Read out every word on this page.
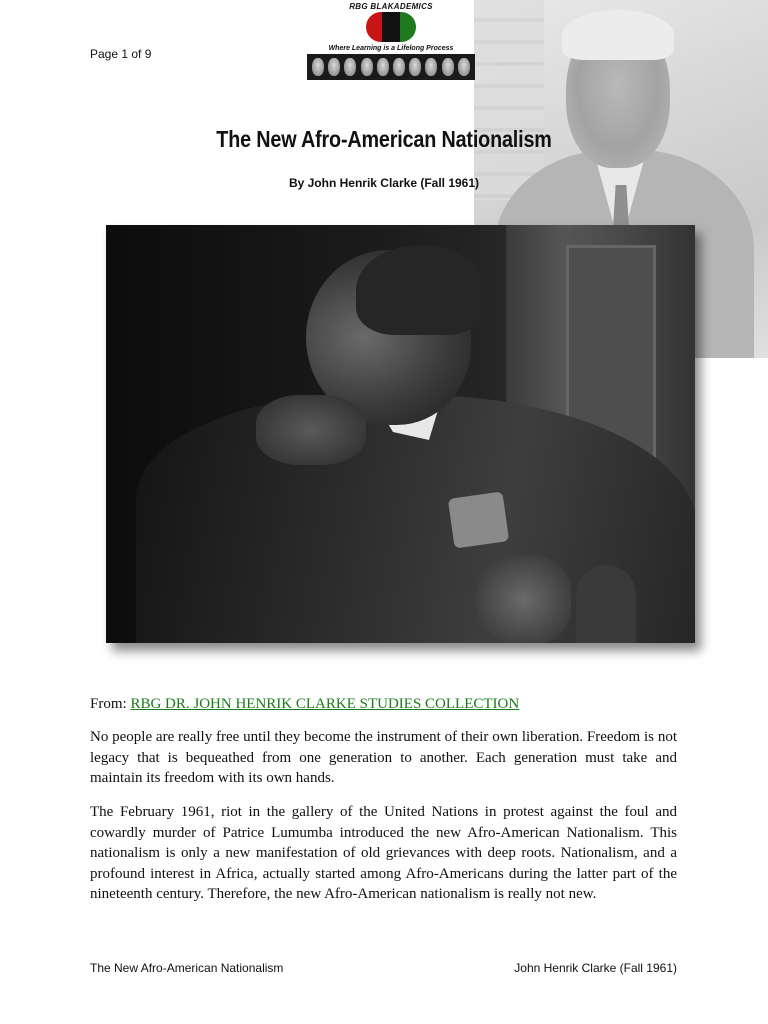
Page 1 of 9
RBG BLAKADEMICS
Where Learning is a Lifelong Process
The New Afro-American Nationalism
By John Henrik Clarke (Fall 1961)
From: RBG DR. JOHN HENRIK CLARKE STUDIES COLLECTION

No people are really free until they become the instrument of their own liberation. Freedom is not legacy that is bequeathed from one generation to another. Each generation must take and maintain its freedom with its own hands.

The February 1961, riot in the gallery of the United Nations in protest against the foul and cowardly murder of Patrice Lumumba introduced the new Afro-American Nationalism. This nationalism is only a new manifestation of old grievances with deep roots. Nationalism, and a profound interest in Africa, actually started among Afro-Americans during the latter part of the nineteenth century. Therefore, the new Afro-American nationalism is really not new.

The New Afro-American Nationalism	John Henrik Clarke (Fall 1961)
